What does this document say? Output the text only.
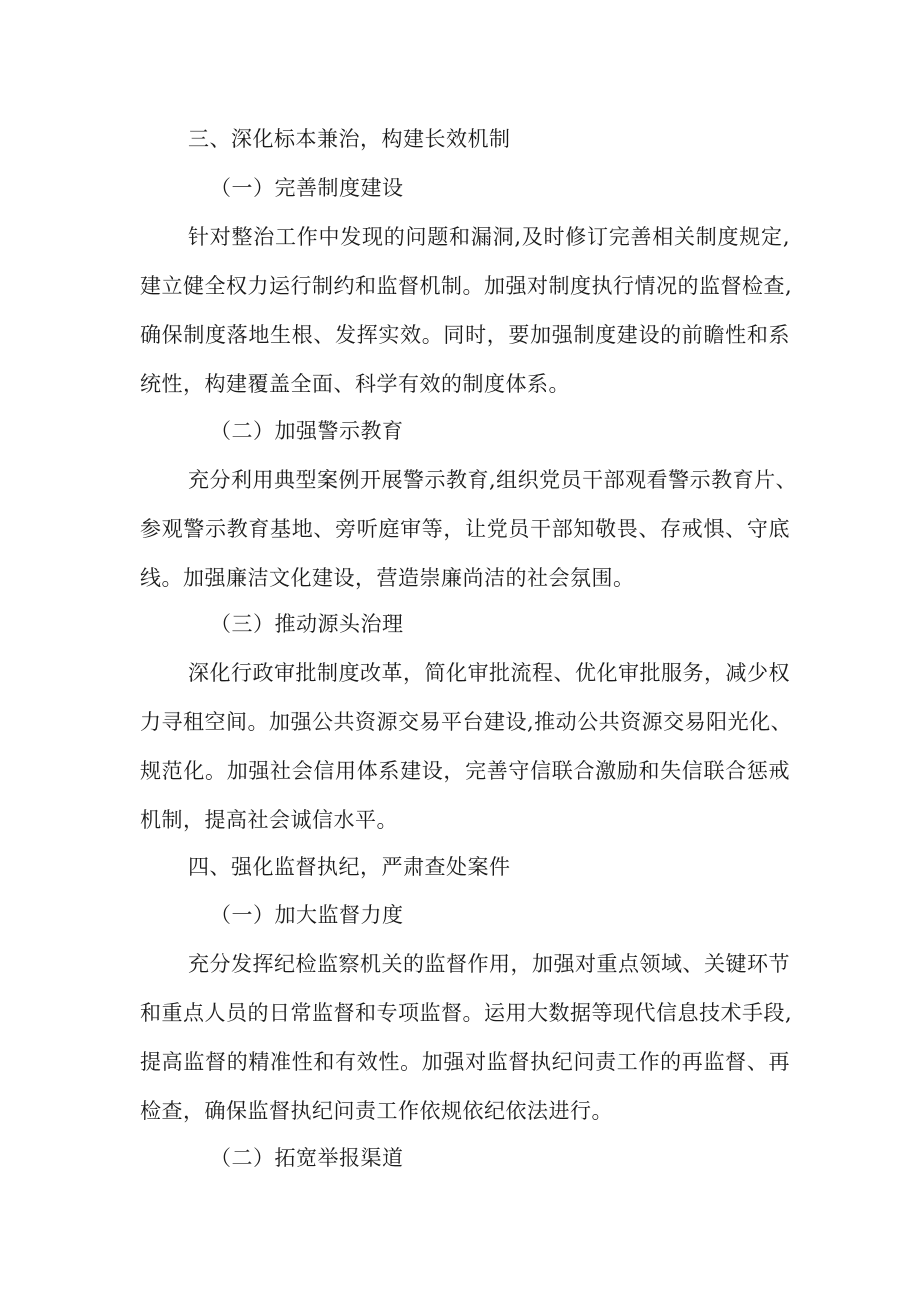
三、深化标本兼治，构建长效机制
（一）完善制度建设
针对整治工作中发现的问题和漏洞,及时修订完善相关制度规定,
建立健全权力运行制约和监督机制。加强对制度执行情况的监督检查,
确保制度落地生根、发挥实效。同时，要加强制度建设的前瞻性和系
统性，构建覆盖全面、科学有效的制度体系。
（二）加强警示教育
充分利用典型案例开展警示教育,组织党员干部观看警示教育片、
参观警示教育基地、旁听庭审等，让党员干部知敬畏、存戒惧、守底
线。加强廉洁文化建设，营造崇廉尚洁的社会氛围。
（三）推动源头治理
深化行政审批制度改革，简化审批流程、优化审批服务，减少权
力寻租空间。加强公共资源交易平台建设,推动公共资源交易阳光化、
规范化。加强社会信用体系建设，完善守信联合激励和失信联合惩戒
机制，提高社会诚信水平。
四、强化监督执纪，严肃查处案件
（一）加大监督力度
充分发挥纪检监察机关的监督作用，加强对重点领域、关键环节
和重点人员的日常监督和专项监督。运用大数据等现代信息技术手段,
提高监督的精准性和有效性。加强对监督执纪问责工作的再监督、再
检查，确保监督执纪问责工作依规依纪依法进行。
（二）拓宽举报渠道
